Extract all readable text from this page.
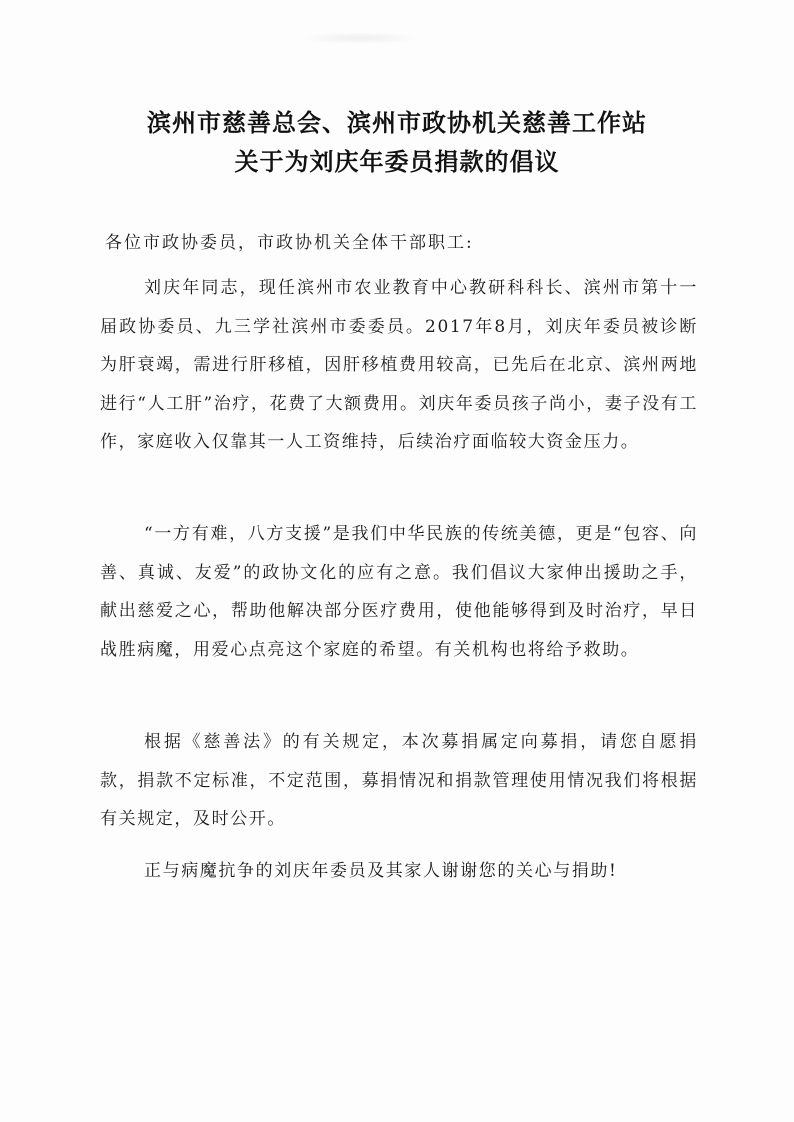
滨州市慈善总会、滨州市政协机关慈善工作站
关于为刘庆年委员捐款的倡议
各位市政协委员，市政协机关全体干部职工:

刘庆年同志，现任滨州市农业教育中心教研科科长、滨州市第十一届政协委员、九三学社滨州市委委员。2017年8月，刘庆年委员被诊断为肝衰竭，需进行肝移植，因肝移植费用较高，已先后在北京、滨州两地进行“人工肝”治疗，花费了大额费用。刘庆年委员孩子尚小，妻子没有工作，家庭收入仅靠其一人工资维持，后续治疗面临较大资金压力。

“一方有难，八方支援”是我们中华民族的传统美德，更是“包容、向善、真诚、友爱”的政协文化的应有之意。我们倡议大家伸出援助之手，献出慈爱之心，帮助他解决部分医疗费用，使他能够得到及时治疗，早日战胜病魔，用爱心点亮这个家庭的希望。有关机构也将给予救助。

根据《慈善法》的有关规定，本次募捐属定向募捐，请您自愿捐款，捐款不定标准，不定范围，募捐情况和捐款管理使用情况我们将根据有关规定，及时公开。

正与病魔抗争的刘庆年委员及其家人谢谢您的关心与捐助!
